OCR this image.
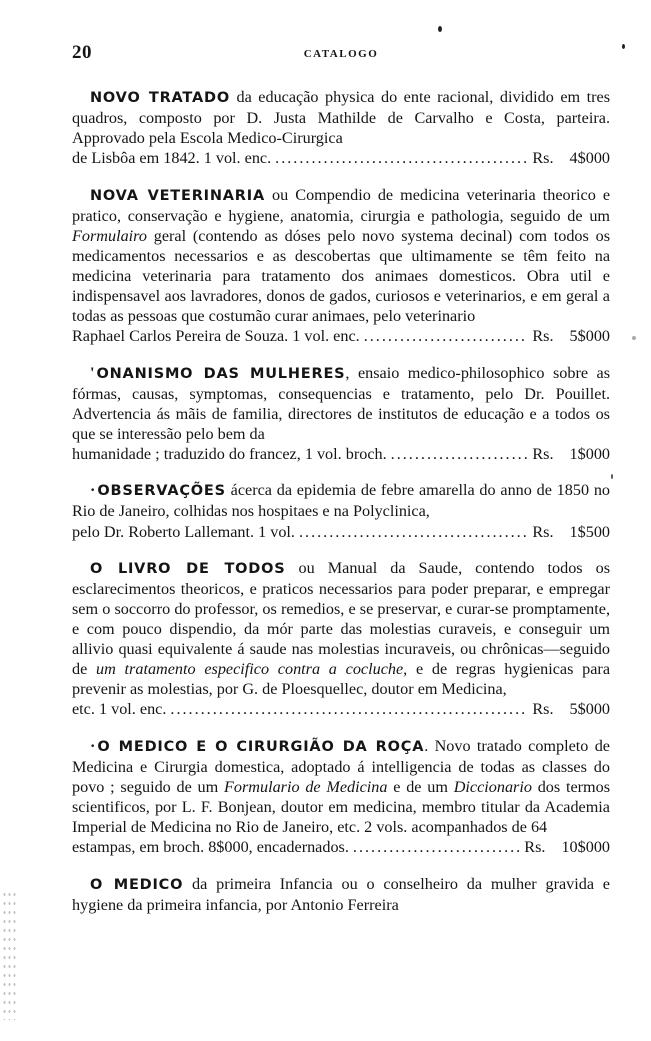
20	CATALOGO

NOVO TRATADO da educação physica do ente racional, dividido em tres quadros, composto por D. Justa Mathilde de Carvalho e Costa, parteira. Approvado pela Escola Medico-Cirurgica
de Lisbôa em 1842. 1 vol. enc. .....	Rs. 4$000

NOVA VETERINARIA ou Compendio de medicina veterinaria theorico e pratico, conservação e hygiene, anatomia, cirurgia e pathologia, seguido de um Formulairo geral (contendo as dóses pelo novo systema decinal) com todos os medicamentos necessarios e as descobertas que ultimamente se têm feito na medicina veterinaria para tratamento dos animaes domesticos. Obra util e indispensavel aos lavradores, donos de gados, curiosos e veterinarios, e em geral a todas as pessoas que costumão curar animaes, pelo veterinario
Raphael Carlos Pereira de Souza. 1 vol. enc. .....	Rs. 5$000

' ONANISMO DAS MULHERES, ensaio medico-philosophico sobre as fórmas, causas, symptomas, consequencias e tratamento, pelo Dr. Pouillet. Advertencia ás mãis de familia, directores de institutos de educação e a todos os que se interessão pelo bem da
humanidade ; traduzido do francez, 1 vol. broch. .....	Rs. 1$000

· OBSERVAÇÕES ácerca da epidemia de febre amarella do anno de 1850 no Rio de Janeiro, colhidas nos hospitaes e na Polyclinica,
pelo Dr. Roberto Lallemant. 1 vol. .....	Rs. 1$500

O LIVRO DE TODOS ou Manual da Saude, contendo todos os esclarecimentos theoricos, e praticos necessarios para poder preparar, e empregar sem o soccorro do professor, os remedios, e se preservar, e curar-se promptamente, e com pouco dispendio, da mór parte das molestias curaveis, e conseguir um allivio quasi equivalente á saude nas molestias incuraveis, ou chrônicas—seguido de um tratamento especifico contra a cocluche, e de regras hygienicas para prevenir as molestias, por G. de Ploesquellec, doutor em Medicina,
etc. 1 vol. enc. .....	Rs. 5$000

· O MEDICO E O CIRURGIÃO DA ROÇA. Novo tratado completo de Medicina e Cirurgia domestica, adoptado á intelligencia de todas as classes do povo ; seguido de um Formulario de Medicina e de um Diccionario dos termos scientificos, por L. F. Bonjean, doutor em medicina, membro titular da Academia Imperial de Medicina no Rio de Janeiro, etc. 2 vols. acompanhados de 64
estampas, em broch. 8$000, encadernados. .....	Rs. 10$000

O MEDICO da primeira Infancia ou o conselheiro da mulher gravida e hygiene da primeira infancia, por Antonio Ferreira
